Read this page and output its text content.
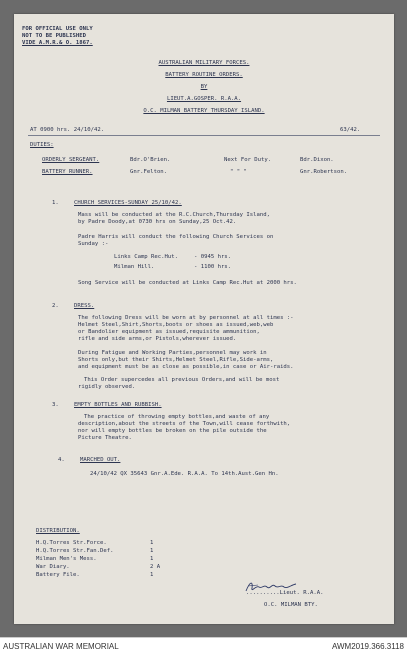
FOR OFFICIAL USE ONLY
NOT TO BE PUBLISHED
VIDE A.M.R.& O. 1867.
AUSTRALIAN MILITARY FORCES.
BATTERY ROUTINE ORDERS.
BY
LIEUT.A.GOSPER. R.A.A.
O.C. MILMAN BATTERY THURSDAY ISLAND.
AT 0900 hrs. 24/10/42.	63/42.
DUTIES:
ORDERLY SERGEANT.	Bdr.O'Brien.	Next For Duty.	Bdr.Dixon.
BATTERY RUNNER.	Gnr.Felton.	" " "	Gnr.Robertson.
1.	CHURCH SERVICES-SUNDAY 25/10/42.
Mass will be conducted at the R.C.Church,Thursday Island,
by Padre Doody,at 0730 hrs on Sunday,25 Oct.42.
Padre Harris will conduct the following Church Services on
Sunday :-
Links Camp Rec.Hut.	- 0945 hrs.
Milman Hill.	- 1100 hrs.
Song Service will be conducted at Links Camp Rec.Hut at 2000 hrs.
2.	DRESS.
The following Dress will be worn at by personnel at all times :-
Helmet Steel,Shirt,Shorts,boots or shoes as issued,web,web
or Bandolier equipment as issued,requisite ammunition,
rifle and side arms,or Pistols,wherever issued.
During Fatigue and Working Parties,personnel may work in
Shorts only,but their Shirts,Helmet Steel,Rifle,Side-arms,
and equipment must be as close as possible,in case or Air-raids.
This Order supercedes all previous Orders,and will be most
rigidly observed.
3.	EMPTY BOTTLES AND RUBBISH.
The practice of throwing empty bottles,and waste of any
description,about the streets of the Town,will cease forthwith,
nor will empty bottles be broken on the pile outside the
Picture Theatre.
4.	MARCHED OUT.
24/10/42 QX 35643 Gnr.A.Ede. R.A.A. To 14th.Aust.Gen Hn.
DISTRIBUTION.
H.Q.Torres Str.Force.	1
H.Q.Torres Str.Fan.Def.	1
Milman Men's Mess.	1
War Diary.	2 A
Battery File.	1
..........Lieut. R.A.A.
O.C. MILMAN BTY.
AUSTRALIAN WAR MEMORIAL	AWM2019.366.3118
